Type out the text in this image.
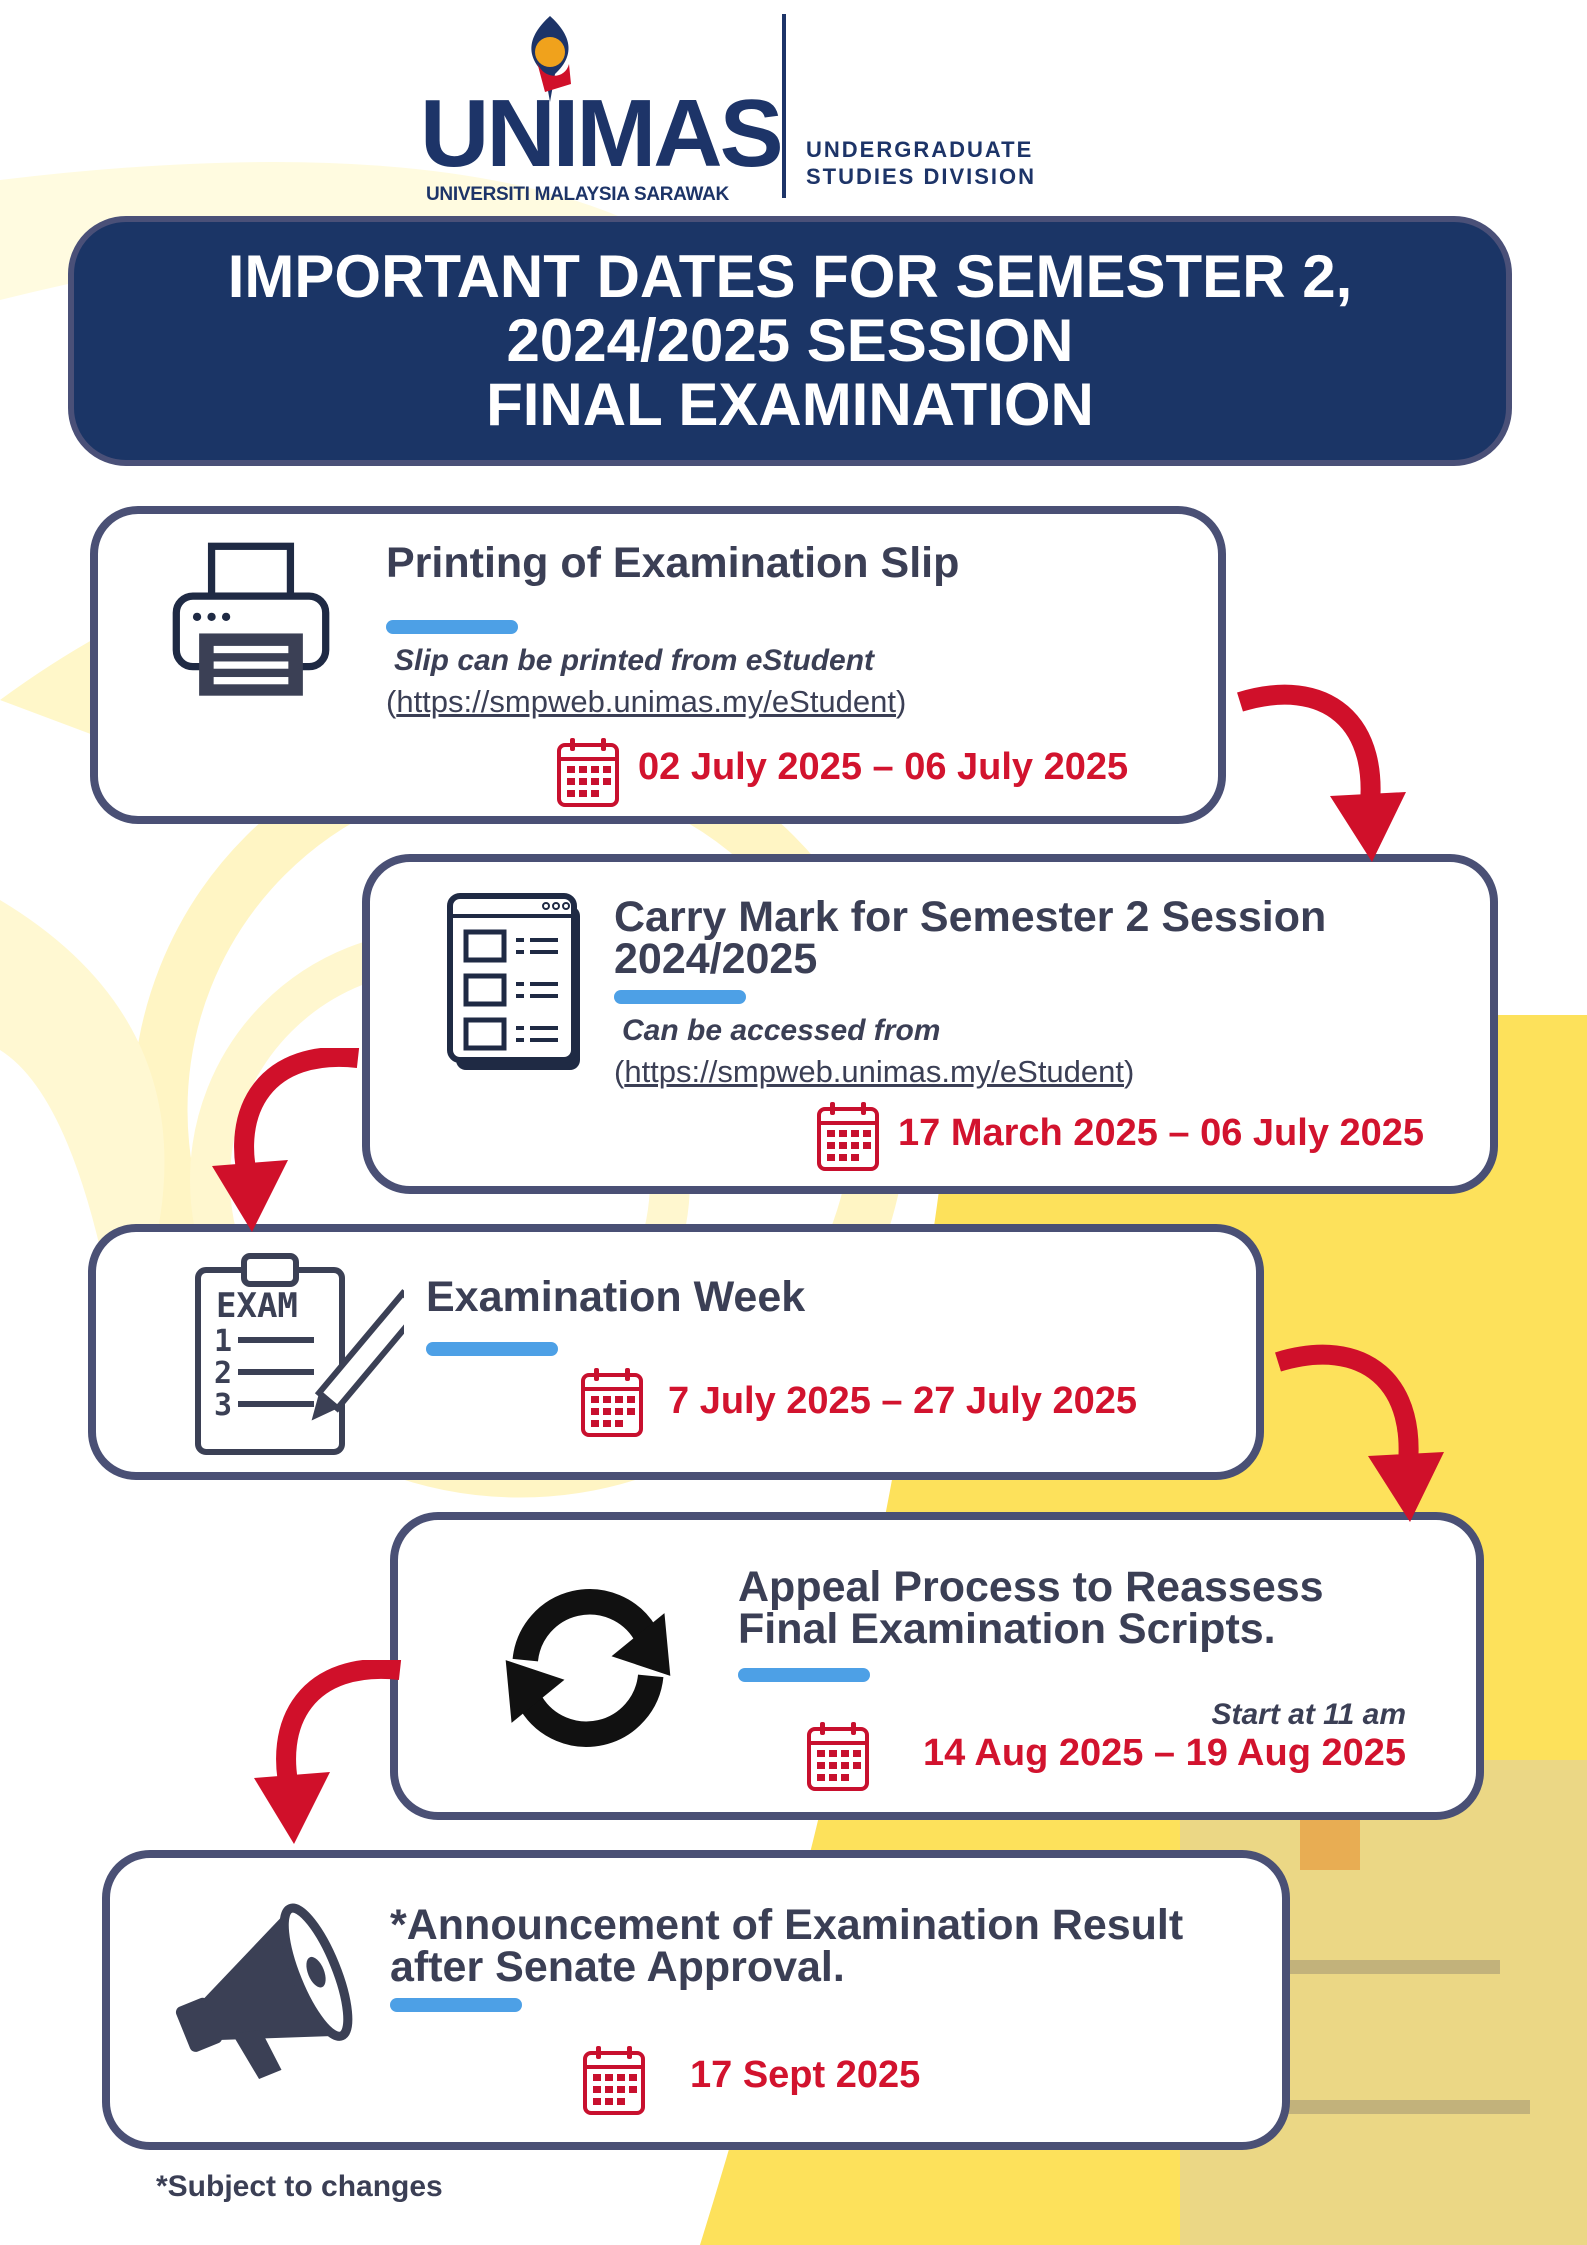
UNIMAS
UNIVERSITI MALAYSIA SARAWAK
UNDERGRADUATE
STUDIES DIVISION
IMPORTANT DATES FOR SEMESTER 2,
2024/2025 SESSION
FINAL EXAMINATION
Printing of Examination Slip
Slip can be printed from eStudent
(https://smpweb.unimas.my/eStudent)
02 July 2025 – 06 July 2025
Carry Mark for Semester 2 Session
2024/2025
Can be accessed from
(https://smpweb.unimas.my/eStudent)
17 March 2025 – 06 July 2025
EXAM
1
2
3
Examination Week
7 July 2025 – 27 July 2025
Appeal Process to Reassess
Final Examination Scripts.
Start at 11 am
14 Aug 2025 – 19 Aug 2025
*Announcement of Examination Result
after Senate Approval.
17 Sept 2025
*Subject to changes
